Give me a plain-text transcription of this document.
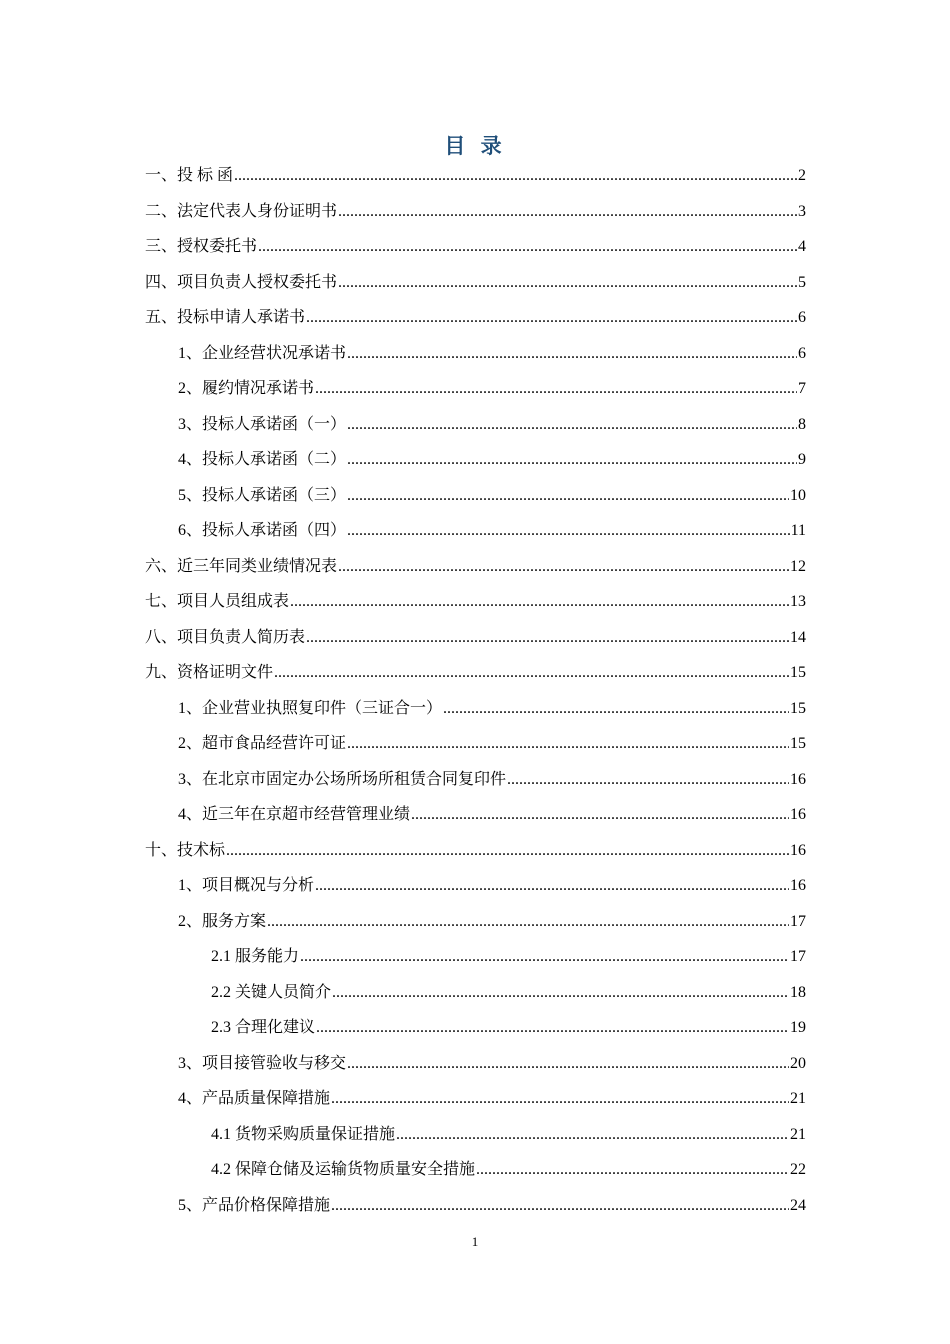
目 录
一、投 标 函 .....	2
二、法定代表人身份证明书 .....	3
三、授权委托书 .....	4
四、项目负责人授权委托书 .....	5
五、投标申请人承诺书 .....	6
1、企业经营状况承诺书 .....	6
2、履约情况承诺书 .....	7
3、投标人承诺函（一） .....	8
4、投标人承诺函（二） .....	9
5、投标人承诺函（三） .....	10
6、投标人承诺函（四） .....	11
六、近三年同类业绩情况表 .....	12
七、项目人员组成表 .....	13
八、项目负责人简历表 .....	14
九、资格证明文件 .....	15
1、企业营业执照复印件（三证合一） .....	15
2、超市食品经营许可证 .....	15
3、在北京市固定办公场所场所租赁合同复印件 .....	16
4、近三年在京超市经营管理业绩 .....	16
十、技术标 .....	16
1、项目概况与分析 .....	16
2、服务方案 .....	17
2.1 服务能力 .....	17
2.2 关键人员简介 .....	18
2.3 合理化建议 .....	19
3、项目接管验收与移交 .....	20
4、产品质量保障措施 .....	21
4.1 货物采购质量保证措施 .....	21
4.2 保障仓储及运输货物质量安全措施 .....	22
5、产品价格保障措施 .....	24
1
